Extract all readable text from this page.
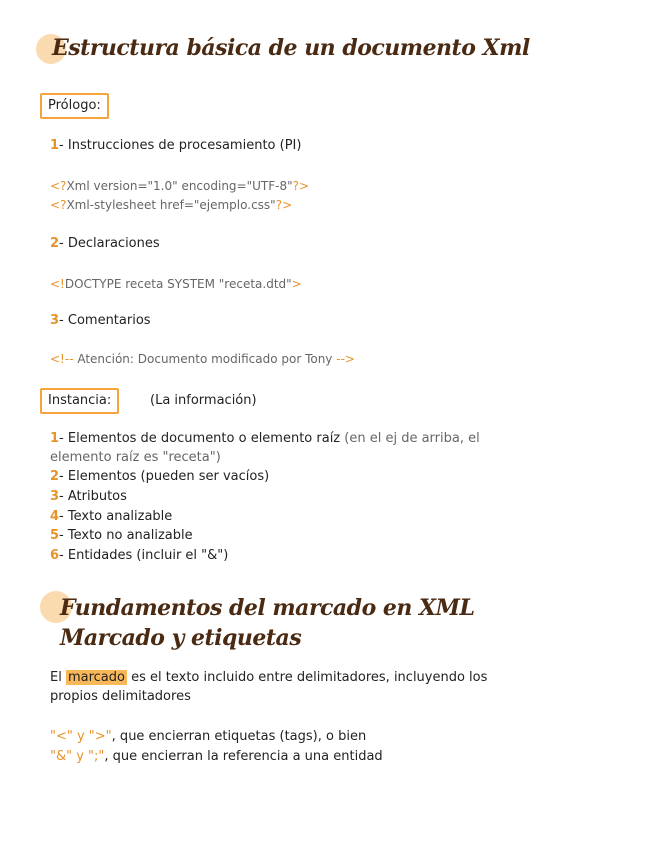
Estructura básica de un documento Xml
Prólogo:
1- Instrucciones de procesamiento (PI)
<?Xml version="1.0" encoding="UTF-8"?>
<?Xml-stylesheet href="ejemplo.css"?>
2- Declaraciones
<!DOCTYPE receta SYSTEM "receta.dtd">
3- Comentarios
<!-- Atención: Documento modificado por Tony -->
Instancia:	(La información)
1- Elementos de documento o elemento raíz (en el ej de arriba, el
elemento raíz es "receta")
2- Elementos (pueden ser vacíos)
3- Atributos
4- Texto analizable
5- Texto no analizable
6- Entidades (incluir el "&")
Fundamentos del marcado en XML
Marcado y etiquetas
El marcado es el texto incluido entre delimitadores, incluyendo los
propios delimitadores
"<" y ">", que encierran etiquetas (tags), o bien
"&" y ";", que encierran la referencia a una entidad
